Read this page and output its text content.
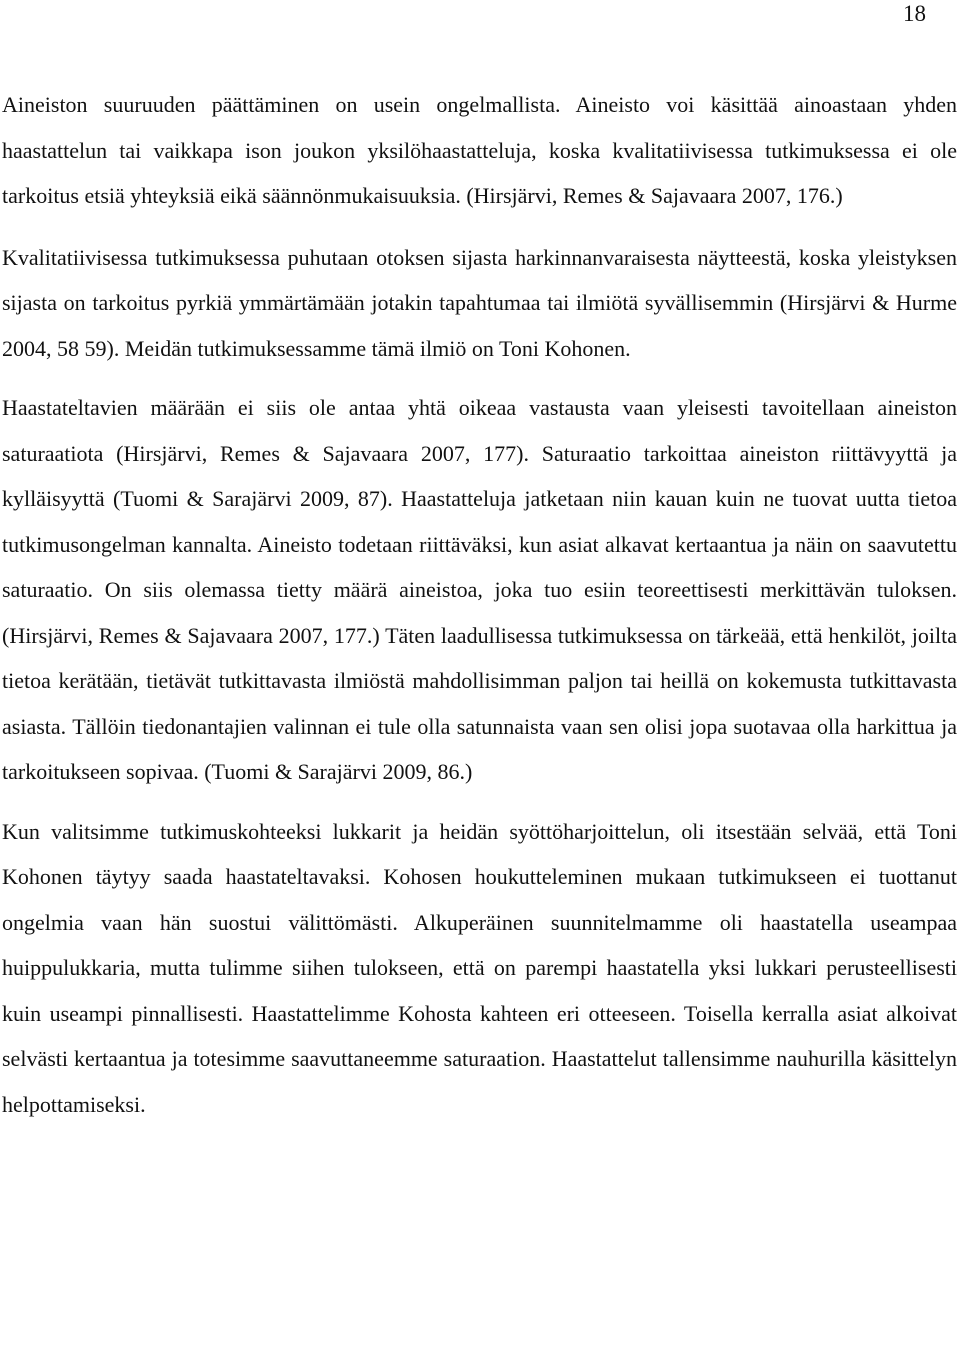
18

Aineiston suuruuden päättäminen on usein ongelmallista. Aineisto voi käsittää ainoastaan yhden haastattelun tai vaikkapa ison joukon yksilöhaastatteluja, koska kvalitatiivisessa tutkimuksessa ei ole tarkoitus etsiä yhteyksiä eikä säännönmukaisuuksia. (Hirsjärvi, Remes & Sajavaara 2007, 176.)

Kvalitatiivisessa tutkimuksessa puhutaan otoksen sijasta harkinnanvaraisesta näytteestä, koska yleistyksen sijasta on tarkoitus pyrkiä ymmärtämään jotakin tapahtumaa tai ilmiötä syvällisemmin (Hirsjärvi & Hurme 2004, 58 59). Meidän tutkimuksessamme tämä ilmiö on Toni Kohonen.

Haastateltavien määrään ei siis ole antaa yhtä oikeaa vastausta vaan yleisesti tavoitellaan aineiston saturaatiota (Hirsjärvi, Remes & Sajavaara 2007, 177). Saturaatio tarkoittaa aineiston riittävyyttä ja kylläisyyttä (Tuomi & Sarajärvi 2009, 87). Haastatteluja jatketaan niin kauan kuin ne tuovat uutta tietoa tutkimusongelman kannalta. Aineisto todetaan riittäväksi, kun asiat alkavat kertaantua ja näin on saavutettu saturaatio. On siis olemassa tietty määrä aineistoa, joka tuo esiin teoreettisesti merkittävän tuloksen. (Hirsjärvi, Remes & Sajavaara 2007, 177.) Täten laadullisessa tutkimuksessa on tärkeää, että henkilöt, joilta tietoa kerätään, tietävät tutkittavasta ilmiöstä mahdollisimman paljon tai heillä on kokemusta tutkittavasta asiasta. Tällöin tiedonantajien valinnan ei tule olla satunnaista vaan sen olisi jopa suotavaa olla harkittua ja tarkoitukseen sopivaa. (Tuomi & Sarajärvi 2009, 86.)

Kun valitsimme tutkimuskohteeksi lukkarit ja heidän syöttöharjoittelun, oli itsestään selvää, että Toni Kohonen täytyy saada haastateltavaksi. Kohosen houkutteleminen mukaan tutkimukseen ei tuottanut ongelmia vaan hän suostui välittömästi. Alkuperäinen suunnitelmamme oli haastatella useampaa huippulukkaria, mutta tulimme siihen tulokseen, että on parempi haastatella yksi lukkari perusteellisesti kuin useampi pinnallisesti. Haastattelimme Kohosta kahteen eri otteeseen. Toisella kerralla asiat alkoivat selvästi kertaantua ja totesimme saavuttaneemme saturaation. Haastattelut tallensimme nauhurilla käsittelyn helpottamiseksi.
